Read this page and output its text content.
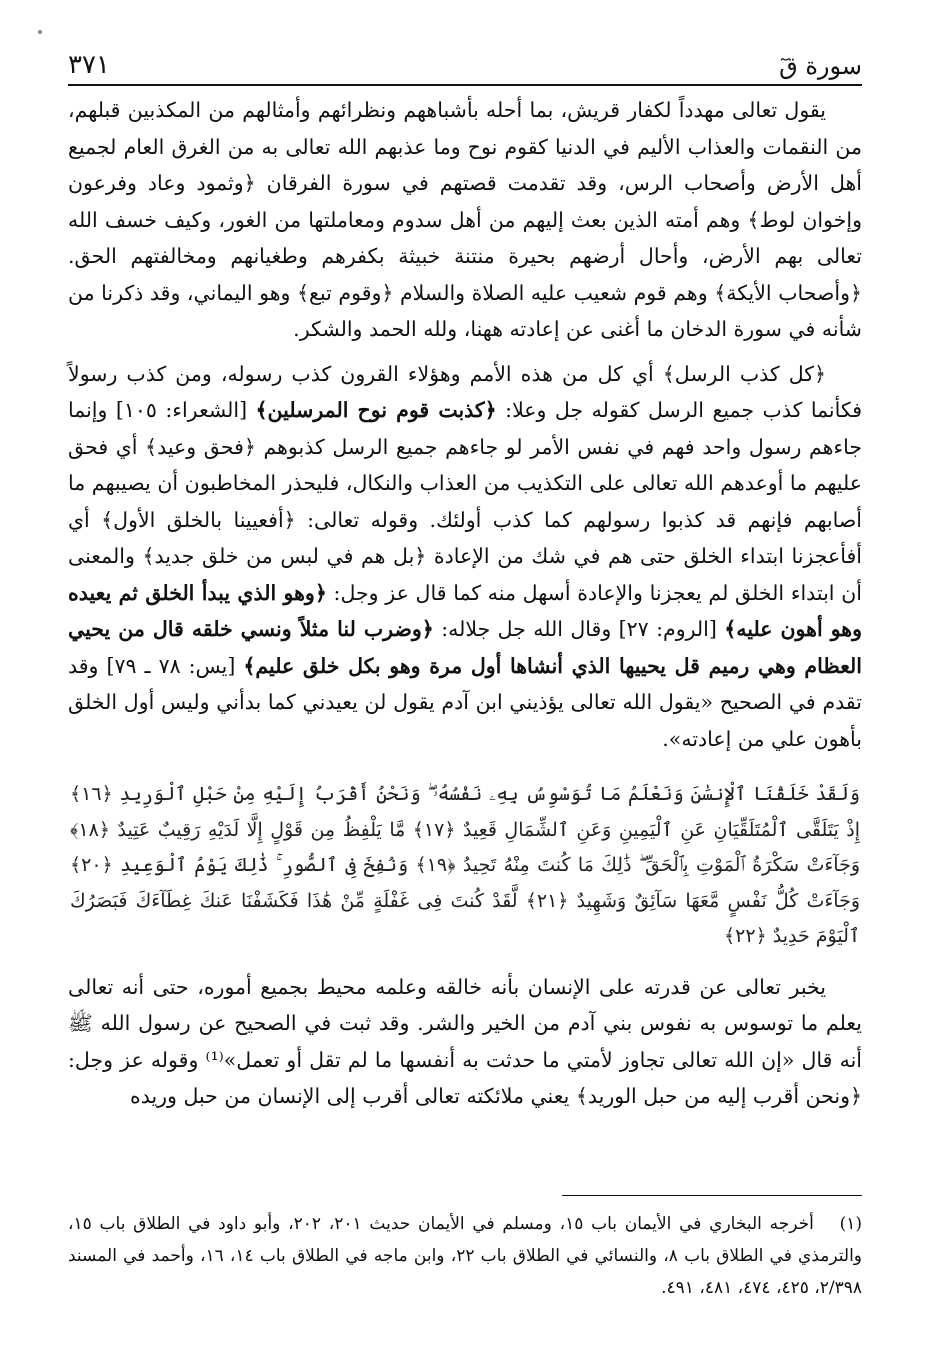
سورة قٓ
٣٧١

يقول تعالى مهدداً لكفار قريش، بما أحله بأشباههم ونظرائهم وأمثالهم من المكذبين قبلهم، من النقمات والعذاب الأليم في الدنيا كقوم نوح وما عذبهم الله تعالى به من الغرق العام لجميع أهل الأرض وأصحاب الرس، وقد تقدمت قصتهم في سورة الفرقان ﴿وثمود وعاد وفرعون وإخوان لوط﴾ وهم أمته الذين بعث إليهم من أهل سدوم ومعاملتها من الغور، وكيف خسف الله تعالى بهم الأرض، وأحال أرضهم بحيرة منتنة خبيثة بكفرهم وطغيانهم ومخالفتهم الحق. ﴿وأصحاب الأيكة﴾ وهم قوم شعيب عليه الصلاة والسلام ﴿وقوم تبع﴾ وهو اليماني، وقد ذكرنا من شأنه في سورة الدخان ما أغنى عن إعادته ههنا، ولله الحمد والشكر.

﴿كل كذب الرسل﴾ أي كل من هذه الأمم وهؤلاء القرون كذب رسوله، ومن كذب رسولاً فكأنما كذب جميع الرسل كقوله جل وعلا: ﴿كذبت قوم نوح المرسلين﴾ [الشعراء: ١٠٥] وإنما جاءهم رسول واحد فهم في نفس الأمر لو جاءهم جميع الرسل كذبوهم ﴿فحق وعيد﴾ أي فحق عليهم ما أوعدهم الله تعالى على التكذيب من العذاب والنكال، فليحذر المخاطبون أن يصيبهم ما أصابهم فإنهم قد كذبوا رسولهم كما كذب أولئك. وقوله تعالى: ﴿أفعيينا بالخلق الأول﴾ أي أفأعجزنا ابتداء الخلق حتى هم في شك من الإعادة ﴿بل هم في لبس من خلق جديد﴾ والمعنى أن ابتداء الخلق لم يعجزنا والإعادة أسهل منه كما قال عز وجل: ﴿وهو الذي يبدأ الخلق ثم يعيده وهو أهون عليه﴾ [الروم: ٢٧] وقال الله جل جلاله: ﴿وضرب لنا مثلاً ونسي خلقه قال من يحيي العظام وهي رميم قل يحييها الذي أنشاها أول مرة وهو بكل خلق عليم﴾ [يس: ٧٨ ـ ٧٩] وقد تقدم في الصحيح «يقول الله تعالى يؤذيني ابن آدم يقول لن يعيدني كما بدأني وليس أول الخلق بأهون علي من إعادته».

وَلَقَدْ خَلَقْنَا ٱلْإِنسَٰنَ وَنَعْلَمُ مَا تُوَسْوِسُ بِهِۦ نَفْسُهُۥ ۖ وَنَحْنُ أَقْرَبُ إِلَيْهِ مِنْ حَبْلِ ٱلْوَرِيدِ ﴿١٦﴾ إِذْ يَتَلَقَّى ٱلْمُتَلَقِّيَانِ عَنِ ٱلْيَمِينِ وَعَنِ ٱلشِّمَالِ قَعِيدٌ ﴿١٧﴾ مَّا يَلْفِظُ مِن قَوْلٍ إِلَّا لَدَيْهِ رَقِيبٌ عَتِيدٌ ﴿١٨﴾ وَجَآءَتْ سَكْرَةُ ٱلْمَوْتِ بِٱلْحَقِّ ۖ ذَٰلِكَ مَا كُنتَ مِنْهُ تَحِيدُ ﴿١٩﴾ وَنُفِخَ فِى ٱلصُّورِ ۚ ذَٰلِكَ يَوْمُ ٱلْوَعِيدِ ﴿٢٠﴾ وَجَآءَتْ كُلُّ نَفْسٍ مَّعَهَا سَآئِقٌ وَشَهِيدٌ ﴿٢١﴾ لَّقَدْ كُنتَ فِى غَفْلَةٍ مِّنْ هَٰذَا فَكَشَفْنَا عَنكَ غِطَآءَكَ فَبَصَرُكَ ٱلْيَوْمَ حَدِيدٌ ﴿٢٢﴾

يخبر تعالى عن قدرته على الإنسان بأنه خالقه وعلمه محيط بجميع أموره، حتى أنه تعالى يعلم ما توسوس به نفوس بني آدم من الخير والشر. وقد ثبت في الصحيح عن رسول الله ﷺ أنه قال «إن الله تعالى تجاوز لأمتي ما حدثت به أنفسها ما لم تقل أو تعمل»⁽¹⁾ وقوله عز وجل: ﴿ونحن أقرب إليه من حبل الوريد﴾ يعني ملائكته تعالى أقرب إلى الإنسان من حبل وريده

(١) أخرجه البخاري في الأيمان باب ١٥، ومسلم في الأيمان حديث ٢٠١، ٢٠٢، وأبو داود في الطلاق باب ١٥، والترمذي في الطلاق باب ٨، والنسائي في الطلاق باب ٢٢، وابن ماجه في الطلاق باب ١٤، ١٦، وأحمد في المسند ٢/٣٩٨، ٤٢٥، ٤٧٤، ٤٨١، ٤٩١.
